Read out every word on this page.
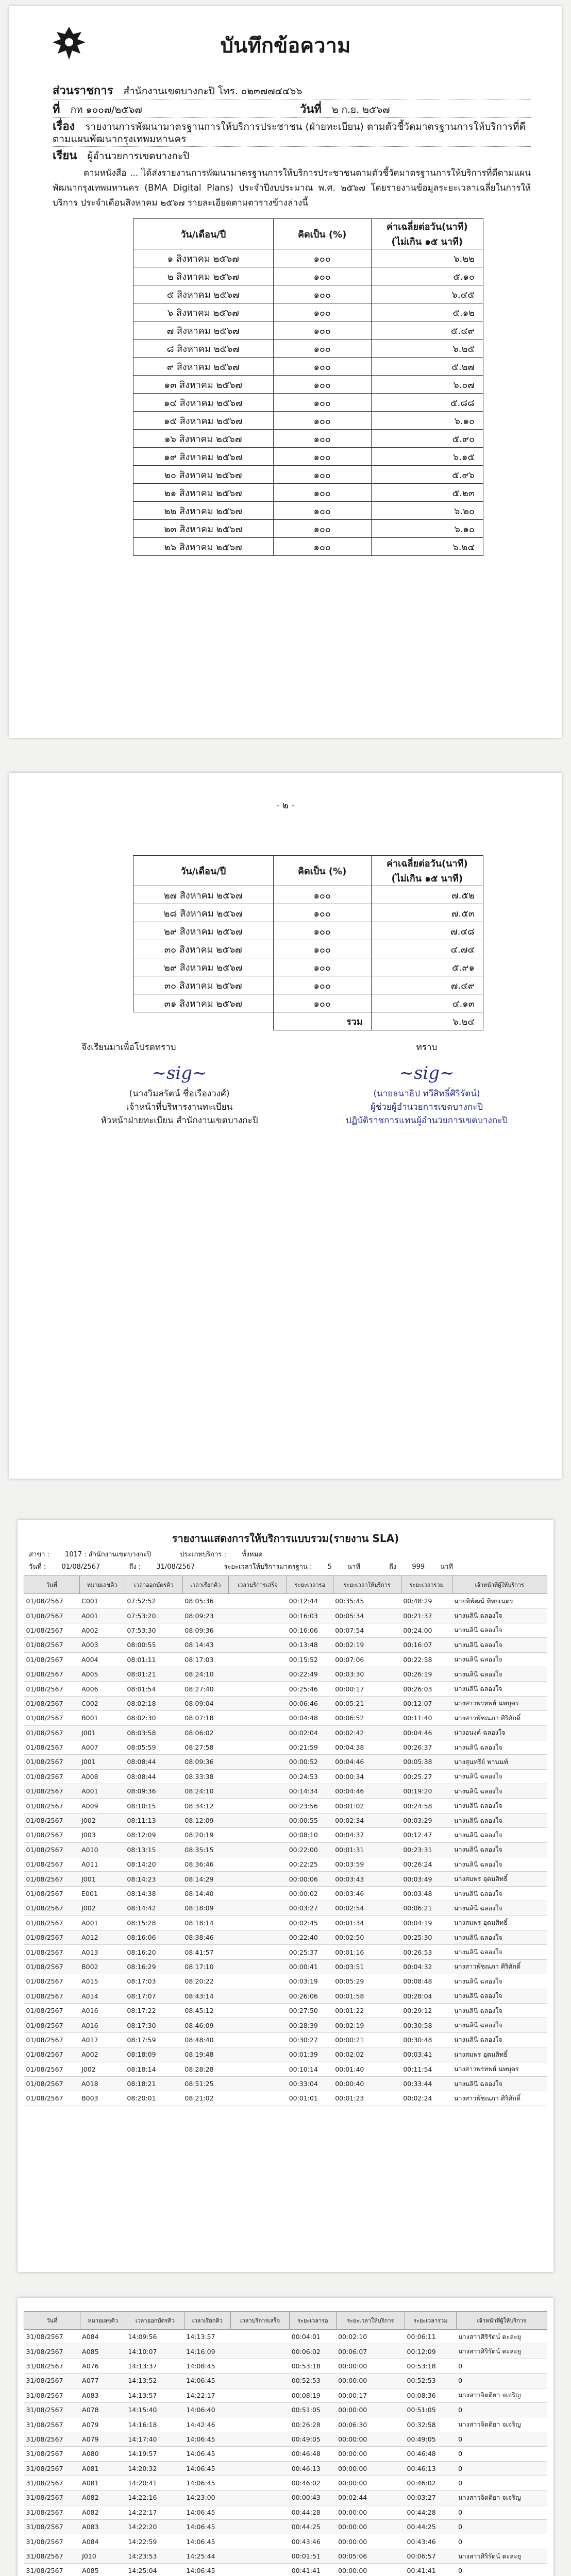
บันทึกข้อความ
ส่วนราชการ สำนักงานเขตบางกะปิ โทร. ๐๒๓๗๗๔๔๖๖
ที่ กท ๑๐๐๗/๒๕๖๗	วันที่ ๒ ก.ย. ๒๕๖๗
เรื่อง รายงานการพัฒนามาตรฐานการให้บริการประชาชน (ฝ่ายทะเบียน) ตามตัวชี้วัดมาตรฐานการให้บริการที่ดีตามแผนพัฒนากรุงเทพมหานคร
เรียน ผู้อำนวยการเขตบางกะปิ
ตามหนังสือ ... ได้ส่งรายงานการพัฒนามาตรฐานการให้บริการประชาชนตามตัวชี้วัดมาตรฐานการให้บริการที่ดีตามแผนพัฒนากรุงเทพมหานคร (BMA Digital Plans) ประจำปีงบประมาณ พ.ศ. ๒๕๖๗ โดยรายงานข้อมูลระยะเวลาเฉลี่ยในการให้บริการ ประจำเดือนสิงหาคม ๒๕๖๗ รายละเอียดตามตารางข้างล่างนี้
วัน/เดือน/ปี	คิดเป็น (%)	ค่าเฉลี่ยต่อวัน(นาที)
(ไม่เกิน ๑๕ นาที)

๑ สิงหาคม ๒๕๖๗	๑๐๐	๖.๒๒
๒ สิงหาคม ๒๕๖๗	๑๐๐	๕.๑๐
๕ สิงหาคม ๒๕๖๗	๑๐๐	๖.๔๕
๖ สิงหาคม ๒๕๖๗	๑๐๐	๕.๑๒
๗ สิงหาคม ๒๕๖๗	๑๐๐	๕.๔๙
๘ สิงหาคม ๒๕๖๗	๑๐๐	๖.๒๕
๙ สิงหาคม ๒๕๖๗	๑๐๐	๕.๒๗
๑๓ สิงหาคม ๒๕๖๗	๑๐๐	๖.๐๗
๑๔ สิงหาคม ๒๕๖๗	๑๐๐	๕.๘๘
๑๕ สิงหาคม ๒๕๖๗	๑๐๐	๖.๑๐
๑๖ สิงหาคม ๒๕๖๗	๑๐๐	๕.๙๐
๑๙ สิงหาคม ๒๕๖๗	๑๐๐	๖.๑๕
๒๐ สิงหาคม ๒๕๖๗	๑๐๐	๕.๙๖
๒๑ สิงหาคม ๒๕๖๗	๑๐๐	๕.๒๓
๒๒ สิงหาคม ๒๕๖๗	๑๐๐	๖.๒๐
๒๓ สิงหาคม ๒๕๖๗	๑๐๐	๖.๑๐
๒๖ สิงหาคม ๒๕๖๗	๑๐๐	๖.๒๔
- ๒ -
วัน/เดือน/ปี	คิดเป็น (%)	ค่าเฉลี่ยต่อวัน(นาที)
(ไม่เกิน ๑๕ นาที)

๒๗ สิงหาคม ๒๕๖๗	๑๐๐	๗.๕๒
๒๘ สิงหาคม ๒๕๖๗	๑๐๐	๗.๕๓
๒๙ สิงหาคม ๒๕๖๗	๑๐๐	๗.๔๘
๓๐ สิงหาคม ๒๕๖๗	๑๐๐	๔.๗๔
๒๙ สิงหาคม ๒๕๖๗	๑๐๐	๕.๙๑
๓๐ สิงหาคม ๒๕๖๗	๑๐๐	๗.๔๙
๓๑ สิงหาคม ๒๕๖๗	๑๐๐	๔.๑๓
	รวม	๖.๒๔
จึงเรียนมาเพื่อโปรดทราบ	ทราบ
∼sig∼
(นางวิมลรัตน์ ชื่อเรืองวงศ์)
เจ้าหน้าที่บริหารงานทะเบียน
หัวหน้าฝ่ายทะเบียน สำนักงานเขตบางกะปิ
∼sig∼
(นายธนาธิป ทวีสิทธิ์ศิริรัตน์)
ผู้ช่วยผู้อำนวยการเขตบางกะปิ
ปฏิบัติราชการแทนผู้อำนวยการเขตบางกะปิ
รายงานแสดงการให้บริการแบบรวม(รายงาน SLA)
สาขา : 1017 : สำนักงานเขตบางกะปิ	ประเภทบริการ : ทั้งหมด
วันที่ : 01/08/2567	ถึง : 31/08/2567	ระยะเวลาให้บริการมาตรฐาน : 5 นาที	ถึง 999 นาที
วันที่	หมายเลขคิว	เวลาออกบัตรคิว	เวลาเรียกคิว	เวลาบริการเสร็จ	ระยะเวลารอ	ระยะเวลาให้บริการ	ระยะเวลารวม	เจ้าหน้าที่ผู้ให้บริการ
01/08/2567	C001	07:52:52	08:05:36		00:12:44	00:35:45	00:48:29	นายพิพัฒน์ ทิพยเนตร
01/08/2567	A001	07:53:20	08:09:23		00:16:03	00:05:34	00:21:37	นางนลินี ฉลองใจ
01/08/2567	A002	07:53:30	08:09:36		00:16:06	00:07:54	00:24:00	นางนลินี ฉลองใจ
01/08/2567	A003	08:00:55	08:14:43		00:13:48	00:02:19	00:16:07	นางนลินี ฉลองใจ
01/08/2567	A004	08:01:11	08:17:03		00:15:52	00:07:06	00:22:58	นางนลินี ฉลองใจ
01/08/2567	A005	08:01:21	08:24:10		00:22:49	00:03:30	00:26:19	นางนลินี ฉลองใจ
01/08/2567	A006	08:01:54	08:27:40		00:25:46	00:00:17	00:26:03	นางนลินี ฉลองใจ
01/08/2567	C002	08:02:18	08:09:04		00:06:46	00:05:21	00:12:07	นางสาวพรทพย์ นพบุตร
01/08/2567	B001	08:02:30	08:07:18		00:04:48	00:06:52	00:11:40	นางสาวพัชณภา ศิริศักดิ์
01/08/2567	J001	08:03:58	08:06:02		00:02:04	00:02:42	00:04:46	นางอนงค์ ฉลองใจ
01/08/2567	A007	08:05:59	08:27:58		00:21:59	00:04:38	00:26:37	นางนลินี ฉลองใจ
01/08/2567	J001	08:08:44	08:09:36		00:00:52	00:04:46	00:05:38	นางสุนทรีย์ พานนท์
01/08/2567	A008	08:08:44	08:33:38		00:24:53	00:00:34	00:25:27	นางนลินี ฉลองใจ
01/08/2567	A001	08:09:36	08:24:10		00:14:34	00:04:46	00:19:20	นางนลินี ฉลองใจ
01/08/2567	A009	08:10:15	08:34:12		00:23:56	00:01:02	00:24:58	นางนลินี ฉลองใจ
01/08/2567	J002	08:11:13	08:12:09		00:00:55	00:02:34	00:03:29	นางนลินี ฉลองใจ
01/08/2567	J003	08:12:09	08:20:19		00:08:10	00:04:37	00:12:47	นางนลินี ฉลองใจ
01/08/2567	A010	08:13:15	08:35:15		00:22:00	00:01:31	00:23:31	นางนลินี ฉลองใจ
01/08/2567	A011	08:14:20	08:36:46		00:22:25	00:03:59	00:26:24	นางนลินี ฉลองใจ
01/08/2567	J001	08:14:23	08:14:29		00:00:06	00:03:43	00:03:49	นางสมพร อุดมสิทธิ์
01/08/2567	E001	08:14:38	08:14:40		00:00:02	00:03:46	00:03:48	นางนลินี ฉลองใจ
01/08/2567	J002	08:14:42	08:18:09		00:03:27	00:02:54	00:06:21	นางนลินี ฉลองใจ
01/08/2567	A001	08:15:28	08:18:14		00:02:45	00:01:34	00:04:19	นางสมพร อุดมสิทธิ์
01/08/2567	A012	08:16:06	08:38:46		00:22:40	00:02:50	00:25:30	นางนลินี ฉลองใจ
01/08/2567	A013	08:16:20	08:41:57		00:25:37	00:01:16	00:26:53	นางนลินี ฉลองใจ
01/08/2567	B002	08:16:29	08:17:10		00:00:41	00:03:51	00:04:32	นางสาวพัชณภา ศิริศักดิ์
01/08/2567	A015	08:17:03	08:20:22		00:03:19	00:05:29	00:08:48	นางนลินี ฉลองใจ
01/08/2567	A014	08:17:07	08:43:14		00:26:06	00:01:58	00:28:04	นางนลินี ฉลองใจ
01/08/2567	A016	08:17:22	08:45:12		00:27:50	00:01:22	00:29:12	นางนลินี ฉลองใจ
01/08/2567	A016	08:17:30	08:46:09		00:28:39	00:02:19	00:30:58	นางนลินี ฉลองใจ
01/08/2567	A017	08:17:59	08:48:40		00:30:27	00:00:21	00:30:48	นางนลินี ฉลองใจ
01/08/2567	A002	08:18:09	08:19:48		00:01:39	00:02:02	00:03:41	นางสมพร อุดมสิทธิ์
01/08/2567	J002	08:18:14	08:28:28		00:10:14	00:01:40	00:11:54	นางสาวพรทพย์ นพบุตร
01/08/2567	A018	08:18:21	08:51:25		00:33:04	00:00:40	00:33:44	นางนลินี ฉลองใจ
01/08/2567	B003	08:20:01	08:21:02		00:01:01	00:01:23	00:02:24	นางสาวพัชณภา ศิริศักดิ์
วันที่	หมายเลขคิว	เวลาออกบัตรคิว	เวลาเรียกคิว	เวลาบริการเสร็จ	ระยะเวลารอ	ระยะเวลาให้บริการ	ระยะเวลารวม	เจ้าหน้าที่ผู้ให้บริการ
31/08/2567	A084	14:09:56	14:13:57		00:04:01	00:02:10	00:06:11	นางสาวศิริรัตน์ ตะละยุ
31/08/2567	A085	14:10:07	14:16:09		00:06:02	00:06:07	00:12:09	นางสาวศิริรัตน์ ตะละยุ
31/08/2567	A076	14:13:37	14:08:45		00:53:18	00:00:00	00:53:18	0
31/08/2567	A077	14:13:52	14:06:45		00:52:53	00:00:00	00:52:53	0
31/08/2567	A083	14:13:57	14:22:17		00:08:19	00:00:17	00:08:36	นางสาวจิตติยา จเจริญ
31/08/2567	A078	14:15:40	14:06:40		00:51:05	00:00:00	00:51:05	0
31/08/2567	A079	14:16:18	14:42:46		00:26:28	00:06:30	00:32:58	นางสาวจิตติยา จเจริญ
31/08/2567	A079	14:17:40	14:06:45		00:49:05	00:00:00	00:49:05	0
31/08/2567	A080	14:19:57	14:06:45		00:46:48	00:00:00	00:46:48	0
31/08/2567	A081	14:20:32	14:06:45		00:46:13	00:00:00	00:46:13	0
31/08/2567	A081	14:20:41	14:06:45		00:46:02	00:00:00	00:46:02	0
31/08/2567	A082	14:22:16	14:23:00		00:00:43	00:02:44	00:03:27	นางสาวจิตติยา จเจริญ
31/08/2567	A082	14:22:17	14:06:45		00:44:28	00:00:00	00:44:28	0
31/08/2567	A083	14:22:20	14:06:45		00:44:25	00:00:00	00:44:25	0
31/08/2567	A084	14:22:59	14:06:45		00:43:46	00:00:00	00:43:46	0
31/08/2567	J010	14:23:53	14:25:44		00:01:51	00:05:06	00:06:57	นางสาวศิริรัตน์ ตะละยุ
31/08/2567	A085	14:25:04	14:06:45		00:41:41	00:00:00	00:41:41	0
